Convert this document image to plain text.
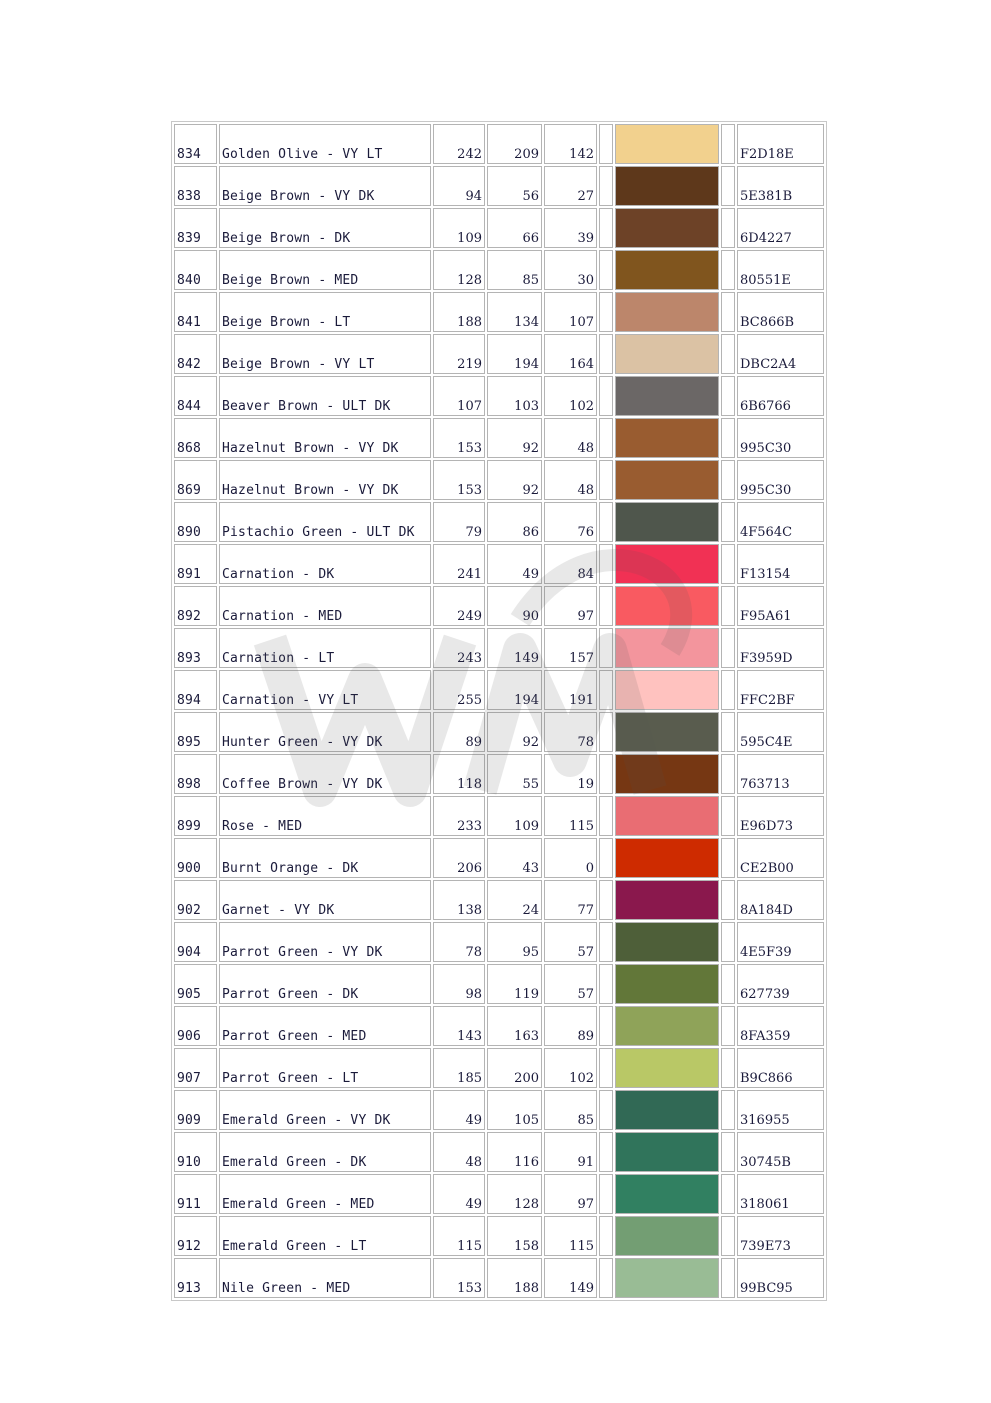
834	Golden Olive - VY LT	242	209	142				F2D18E
838	Beige Brown - VY DK	94	56	27				5E381B
839	Beige Brown - DK	109	66	39				6D4227
840	Beige Brown - MED	128	85	30				80551E
841	Beige Brown - LT	188	134	107				BC866B
842	Beige Brown - VY LT	219	194	164				DBC2A4
844	Beaver Brown - ULT DK	107	103	102				6B6766
868	Hazelnut Brown - VY DK	153	92	48				995C30
869	Hazelnut Brown - VY DK	153	92	48				995C30
890	Pistachio Green - ULT DK	79	86	76				4F564C
891	Carnation - DK	241	49	84				F13154
892	Carnation - MED	249	90	97				F95A61
893	Carnation - LT	243	149	157				F3959D
894	Carnation - VY LT	255	194	191				FFC2BF
895	Hunter Green - VY DK	89	92	78				595C4E
898	Coffee Brown - VY DK	118	55	19				763713
899	Rose - MED	233	109	115				E96D73
900	Burnt Orange - DK	206	43	0				CE2B00
902	Garnet - VY DK	138	24	77				8A184D
904	Parrot Green - VY DK	78	95	57				4E5F39
905	Parrot Green - DK	98	119	57				627739
906	Parrot Green - MED	143	163	89				8FA359
907	Parrot Green - LT	185	200	102				B9C866
909	Emerald Green - VY DK	49	105	85				316955
910	Emerald Green - DK	48	116	91				30745B
911	Emerald Green - MED	49	128	97				318061
912	Emerald Green - LT	115	158	115				739E73
913	Nile Green - MED	153	188	149				99BC95
